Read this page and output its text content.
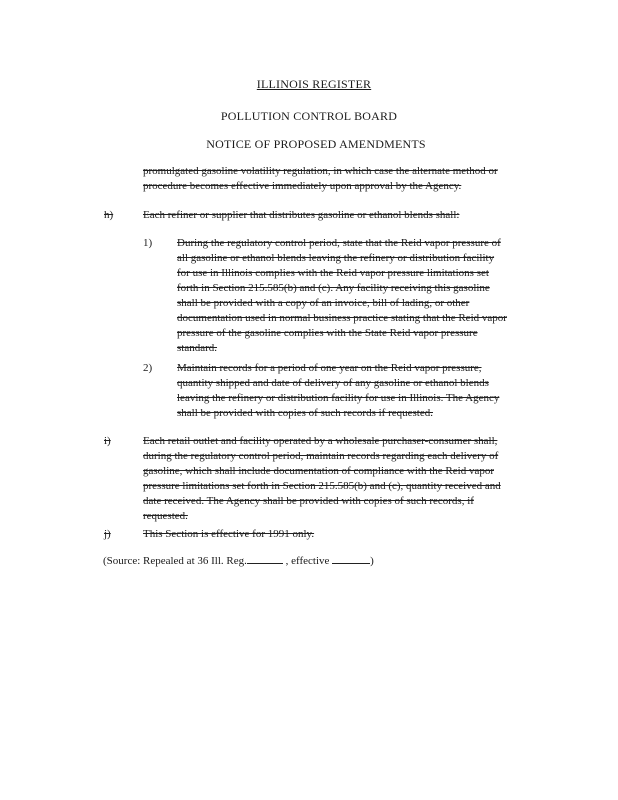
ILLINOIS REGISTER
POLLUTION CONTROL BOARD
NOTICE OF PROPOSED AMENDMENTS
promulgated gasoline volatility regulation, in which case the alternate method or
procedure becomes effective immediately upon approval by the Agency.
h)	Each refiner or supplier that distributes gasoline or ethanol blends shall:
1) During the regulatory control period, state that the Reid vapor pressure of
all gasoline or ethanol blends leaving the refinery or distribution facility
for use in Illinois complies with the Reid vapor pressure limitations set
forth in Section 215.585(b) and (c). Any facility receiving this gasoline
shall be provided with a copy of an invoice, bill of lading, or other
documentation used in normal business practice stating that the Reid vapor
pressure of the gasoline complies with the State Reid vapor pressure
standard.
2) Maintain records for a period of one year on the Reid vapor pressure,
quantity shipped and date of delivery of any gasoline or ethanol blends
leaving the refinery or distribution facility for use in Illinois. The Agency
shall be provided with copies of such records if requested.
i)	Each retail outlet and facility operated by a wholesale purchaser-consumer shall,
during the regulatory control period, maintain records regarding each delivery of
gasoline, which shall include documentation of compliance with the Reid vapor
pressure limitations set forth in Section 215.585(b) and (c), quantity received and
date received. The Agency shall be provided with copies of such records, if
requested.
j)	This Section is effective for 1991 only.
(Source: Repealed at 36 Ill. Reg.	, effective	)
